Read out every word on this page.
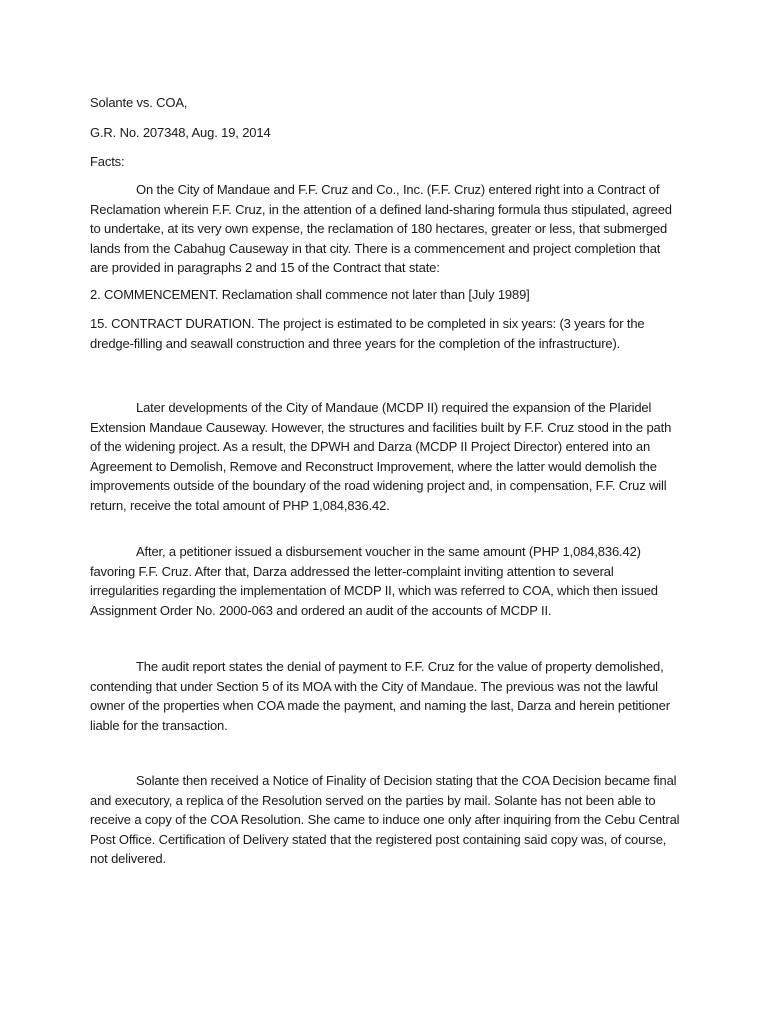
Solante vs. COA,

G.R. No. 207348, Aug. 19, 2014

Facts:

On the City of Mandaue and F.F. Cruz and Co., Inc. (F.F. Cruz) entered right into a Contract of Reclamation wherein F.F. Cruz, in the attention of a defined land-sharing formula thus stipulated, agreed to undertake, at its very own expense, the reclamation of 180 hectares, greater or less, that submerged lands from the Cabahug Causeway in that city. There is a commencement and project completion that are provided in paragraphs 2 and 15 of the Contract that state:

2. COMMENCEMENT. Reclamation shall commence not later than [July 1989]

15. CONTRACT DURATION. The project is estimated to be completed in six years: (3 years for the dredge-filling and seawall construction and three years for the completion of the infrastructure).

Later developments of the City of Mandaue (MCDP II) required the expansion of the Plaridel Extension Mandaue Causeway. However, the structures and facilities built by F.F. Cruz stood in the path of the widening project. As a result, the DPWH and Darza (MCDP II Project Director) entered into an Agreement to Demolish, Remove and Reconstruct Improvement, where the latter would demolish the improvements outside of the boundary of the road widening project and, in compensation, F.F. Cruz will return, receive the total amount of PHP 1,084,836.42.

After, a petitioner issued a disbursement voucher in the same amount (PHP 1,084,836.42) favoring F.F. Cruz. After that, Darza addressed the letter-complaint inviting attention to several irregularities regarding the implementation of MCDP II, which was referred to COA, which then issued Assignment Order No. 2000-063 and ordered an audit of the accounts of MCDP II.

The audit report states the denial of payment to F.F. Cruz for the value of property demolished, contending that under Section 5 of its MOA with the City of Mandaue. The previous was not the lawful owner of the properties when COA made the payment, and naming the last, Darza and herein petitioner liable for the transaction.

Solante then received a Notice of Finality of Decision stating that the COA Decision became final and executory, a replica of the Resolution served on the parties by mail. Solante has not been able to receive a copy of the COA Resolution. She came to induce one only after inquiring from the Cebu Central Post Office. Certification of Delivery stated that the registered post containing said copy was, of course, not delivered.
